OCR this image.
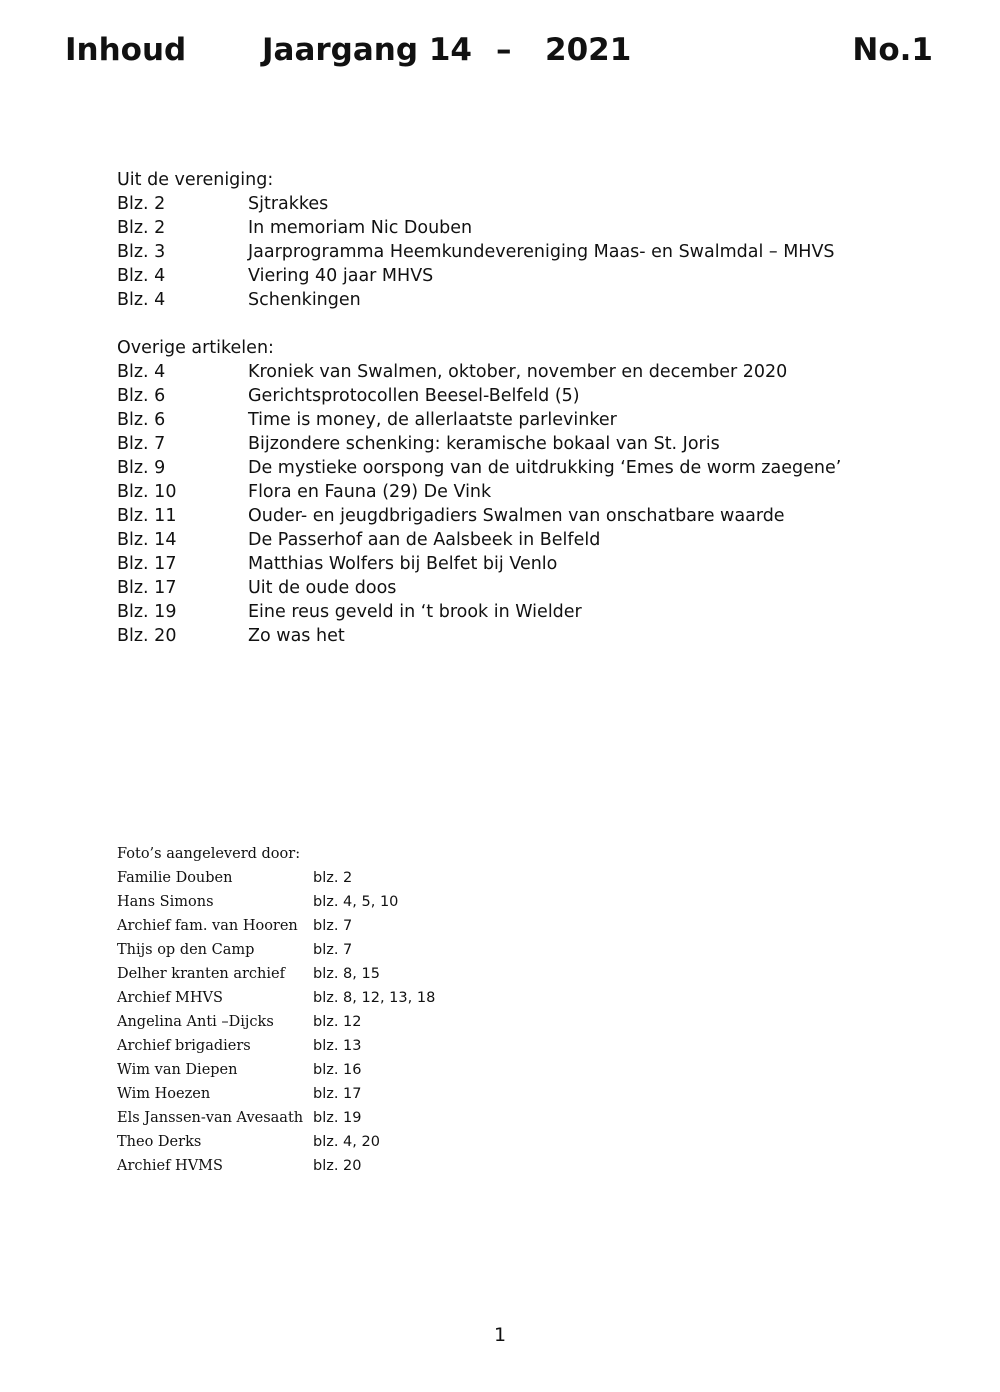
Inhoud Jaargang 14 – 2021	No.1
Uit de vereniging:
Blz. 2	Sjtrakkes
Blz. 2	In memoriam Nic Douben
Blz. 3	Jaarprogramma Heemkundevereniging Maas- en Swalmdal – MHVS
Blz. 4	Viering 40 jaar MHVS
Blz. 4	Schenkingen
Overige artikelen:
Blz. 4	Kroniek van Swalmen, oktober, november en december 2020
Blz. 6	Gerichtsprotocollen Beesel-Belfeld (5)
Blz. 6	Time is money, de allerlaatste parlevinker
Blz. 7	Bijzondere schenking: keramische bokaal van St. Joris
Blz. 9	De mystieke oorspong van de uitdrukking ‘Emes de worm zaegene’
Blz. 10	Flora en Fauna (29) De Vink
Blz. 11	Ouder- en jeugdbrigadiers Swalmen van onschatbare waarde
Blz. 14	De Passerhof aan de Aalsbeek in Belfeld
Blz. 17	Matthias Wolfers bij Belfet bij Venlo
Blz. 17	Uit de oude doos
Blz. 19	Eine reus geveld in ‘t brook in Wielder
Blz. 20	Zo was het
Foto’s aangeleverd door:
Familie Douben	blz. 2
Hans Simons	blz. 4, 5, 10
Archief fam. van Hooren blz. 7
Thijs op den Camp	blz. 7
Delher kranten archief blz. 8, 15
Archief MHVS	blz. 8, 12, 13, 18
Angelina Anti –Dijcks	blz. 12
Archief brigadiers	blz. 13
Wim van Diepen	blz. 16
Wim Hoezen	blz. 17
Els Janssen-van Avesaath blz. 19
Theo Derks	blz. 4, 20
Archief HVMS	blz. 20
1
